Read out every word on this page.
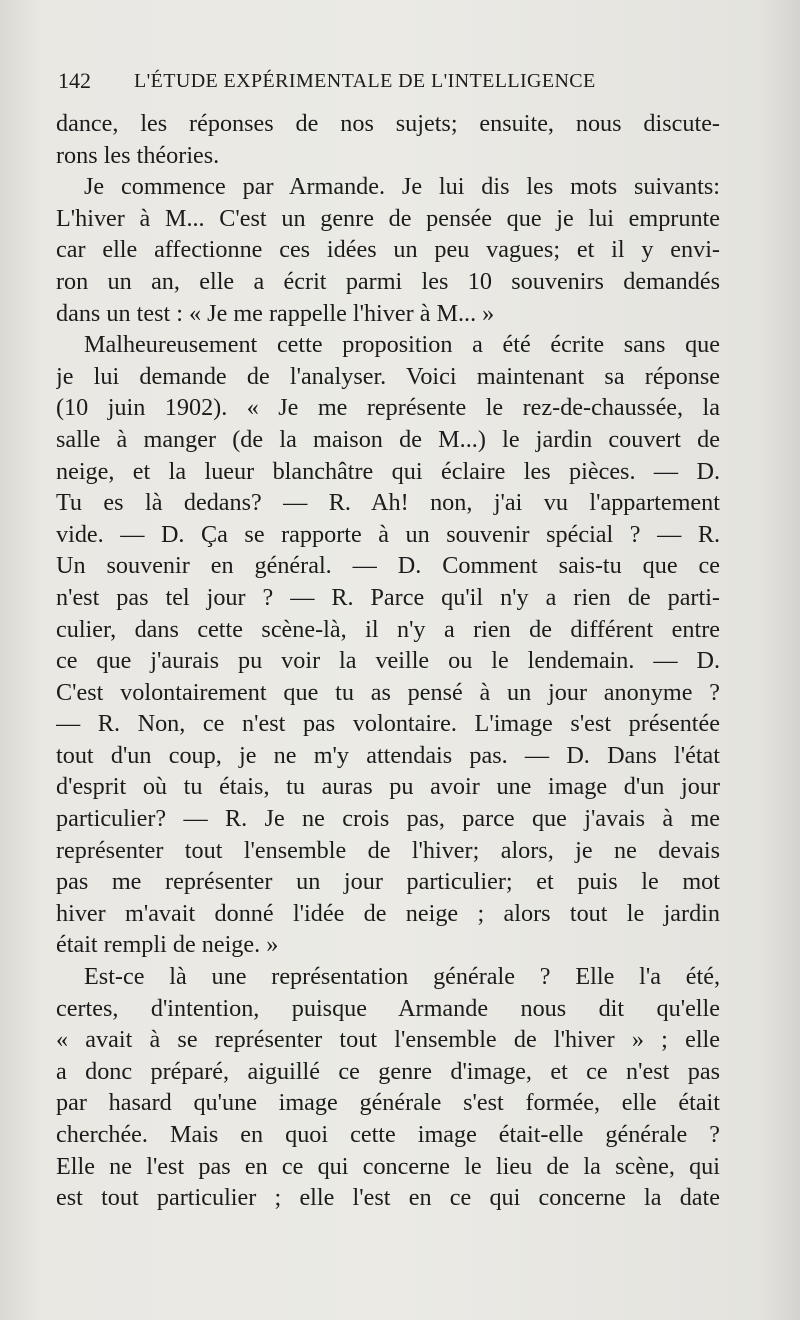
142 L'ÉTUDE EXPÉRIMENTALE DE L'INTELLIGENCE
dance, les réponses de nos sujets; ensuite, nous discute-
rons les théories.
Je commence par Armande. Je lui dis les mots suivants:
L'hiver à M... C'est un genre de pensée que je lui emprunte
car elle affectionne ces idées un peu vagues; et il y envi-
ron un an, elle a écrit parmi les 10 souvenirs demandés
dans un test : « Je me rappelle l'hiver à M... »
Malheureusement cette proposition a été écrite sans que
je lui demande de l'analyser. Voici maintenant sa réponse
(10 juin 1902). « Je me représente le rez-de-chaussée, la
salle à manger (de la maison de M...) le jardin couvert de
neige, et la lueur blanchâtre qui éclaire les pièces. — D.
Tu es là dedans? — R. Ah! non, j'ai vu l'appartement
vide. — D. Ça se rapporte à un souvenir spécial ? — R.
Un souvenir en général. — D. Comment sais-tu que ce
n'est pas tel jour ? — R. Parce qu'il n'y a rien de parti-
culier, dans cette scène-là, il n'y a rien de différent entre
ce que j'aurais pu voir la veille ou le lendemain. — D.
C'est volontairement que tu as pensé à un jour anonyme ?
— R. Non, ce n'est pas volontaire. L'image s'est présentée
tout d'un coup, je ne m'y attendais pas. — D. Dans l'état
d'esprit où tu étais, tu auras pu avoir une image d'un jour
particulier? — R. Je ne crois pas, parce que j'avais à me
représenter tout l'ensemble de l'hiver; alors, je ne devais
pas me représenter un jour particulier; et puis le mot
hiver m'avait donné l'idée de neige ; alors tout le jardin
était rempli de neige. »
Est-ce là une représentation générale ? Elle l'a été,
certes, d'intention, puisque Armande nous dit qu'elle
« avait à se représenter tout l'ensemble de l'hiver » ; elle
a donc préparé, aiguillé ce genre d'image, et ce n'est pas
par hasard qu'une image générale s'est formée, elle était
cherchée. Mais en quoi cette image était-elle générale ?
Elle ne l'est pas en ce qui concerne le lieu de la scène, qui
est tout particulier ; elle l'est en ce qui concerne la date
